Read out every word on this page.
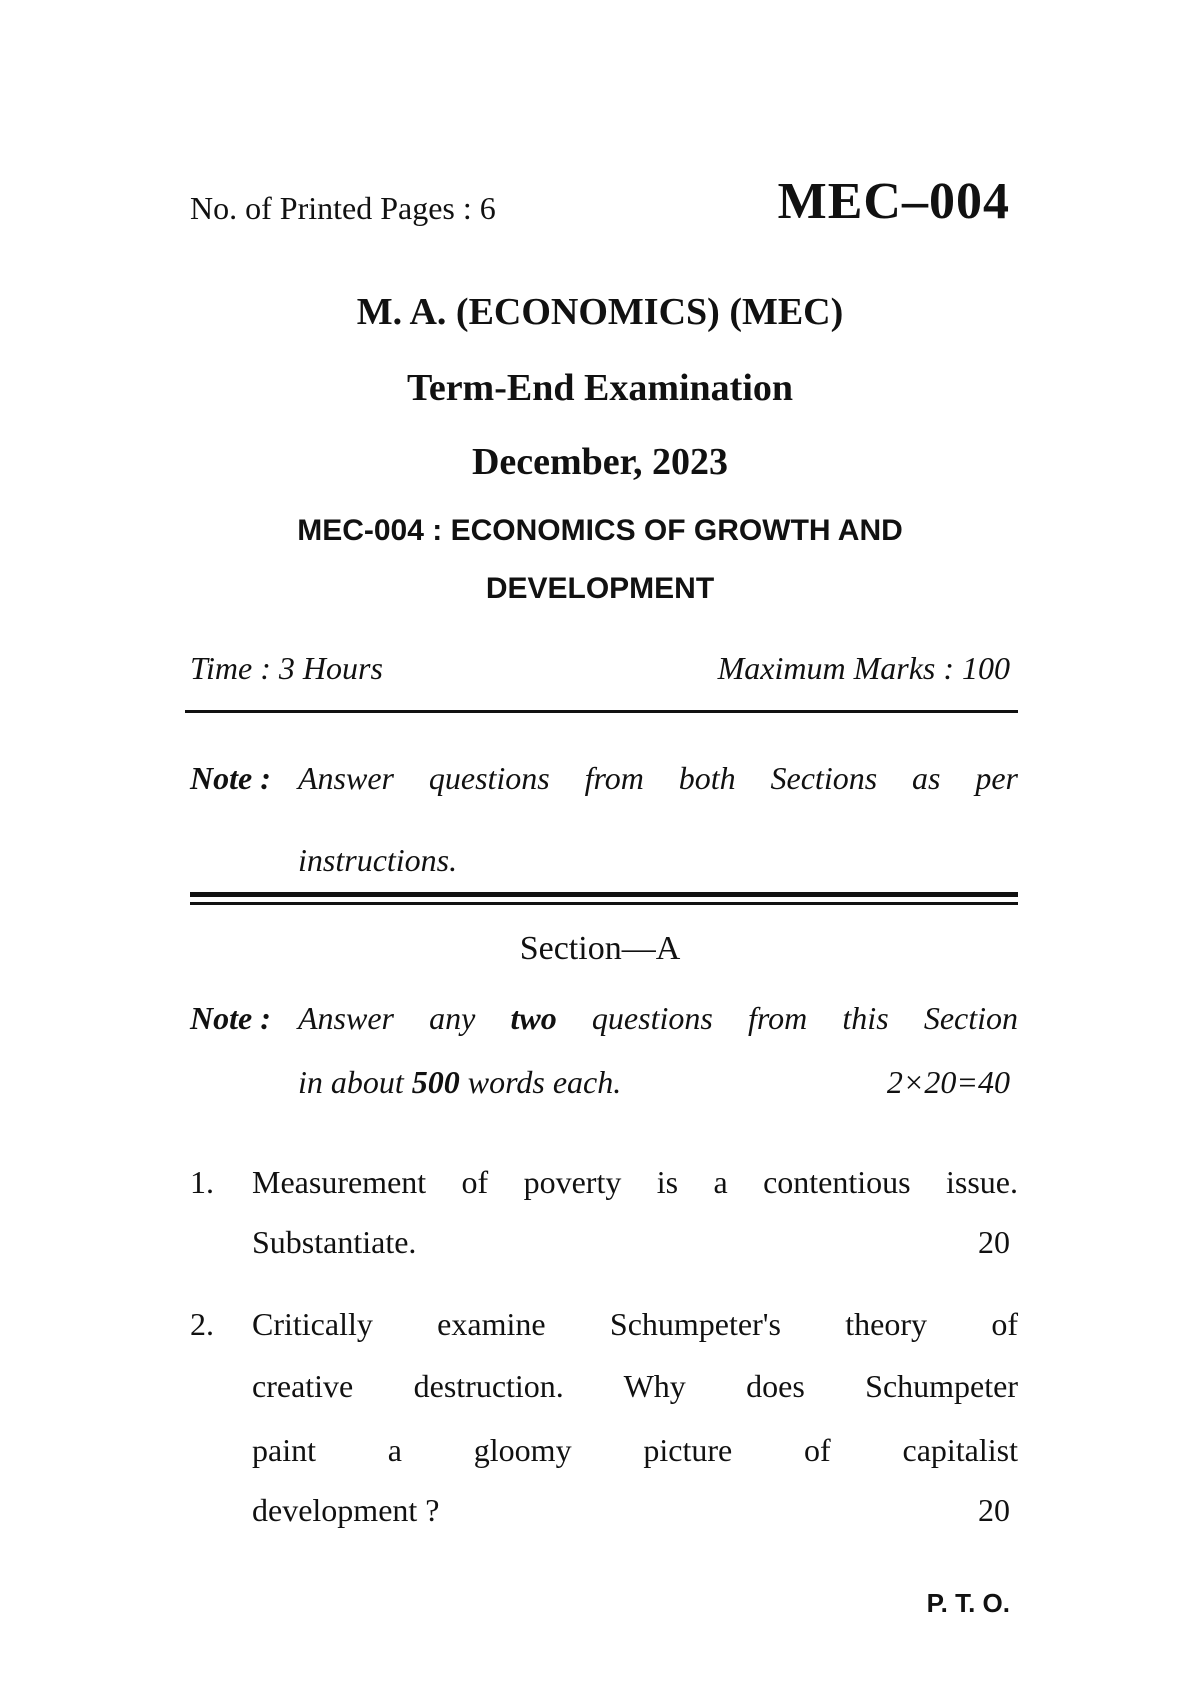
No. of Printed Pages : 6	MEC–004
M. A. (ECONOMICS) (MEC)
Term-End Examination
December, 2023
MEC-004 : ECONOMICS OF GROWTH AND
DEVELOPMENT
Time : 3 Hours	Maximum Marks : 100
Note : Answer questions from both Sections as per
instructions.
Section—A
Note : Answer any two questions from this Section
in about 500 words each.	2×20=40
1. Measurement of poverty is a contentious issue.
Substantiate.	20
2. Critically examine Schumpeter's theory of
creative destruction. Why does Schumpeter
paint a gloomy picture of capitalist
development ?	20
P. T. O.
